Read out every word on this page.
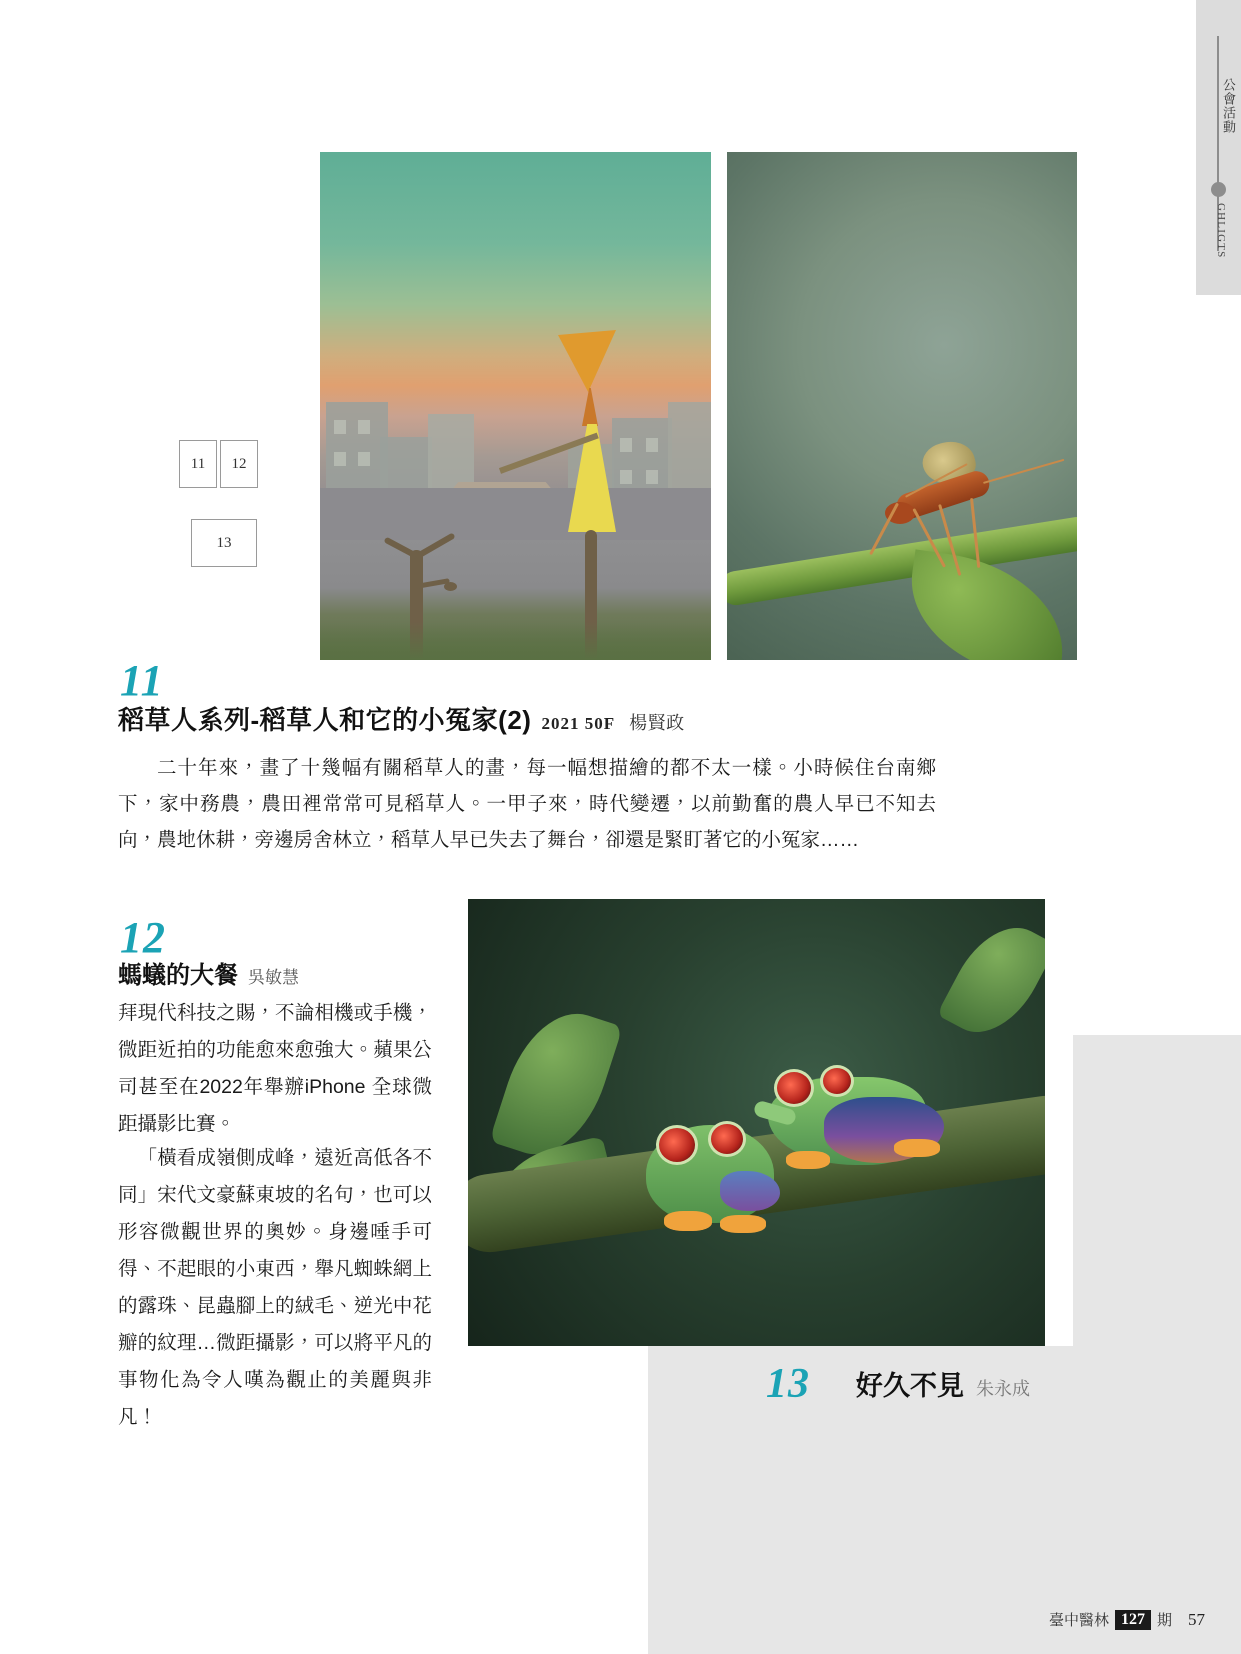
公會活動
GHLIGTS
11	12
13
11
稻草人系列-稻草人和它的小冤家(2) 2021 50F 楊賢政
二十年來，畫了十幾幅有關稻草人的畫，每一幅想描繪的都不太一樣。小時候住台南鄉下，家中務農，農田裡常常可見稻草人。一甲子來，時代變遷，以前勤奮的農人早已不知去向，農地休耕，旁邊房舍林立，稻草人早已失去了舞台，卻還是緊盯著它的小冤家……
12
螞蟻的大餐 吳敏慧
拜現代科技之賜，不論相機或手機，微距近拍的功能愈來愈強大。蘋果公司甚至在2022年舉辦iPhone 全球微距攝影比賽。
「橫看成嶺側成峰，遠近高低各不同」宋代文豪蘇東坡的名句，也可以形容微觀世界的奧妙。身邊唾手可得、不起眼的小東西，舉凡蜘蛛網上的露珠、昆蟲腳上的絨毛、逆光中花瓣的紋理…微距攝影，可以將平凡的事物化為令人嘆為觀止的美麗與非凡！
13 好久不見 朱永成
臺中醫林 127 期 57
